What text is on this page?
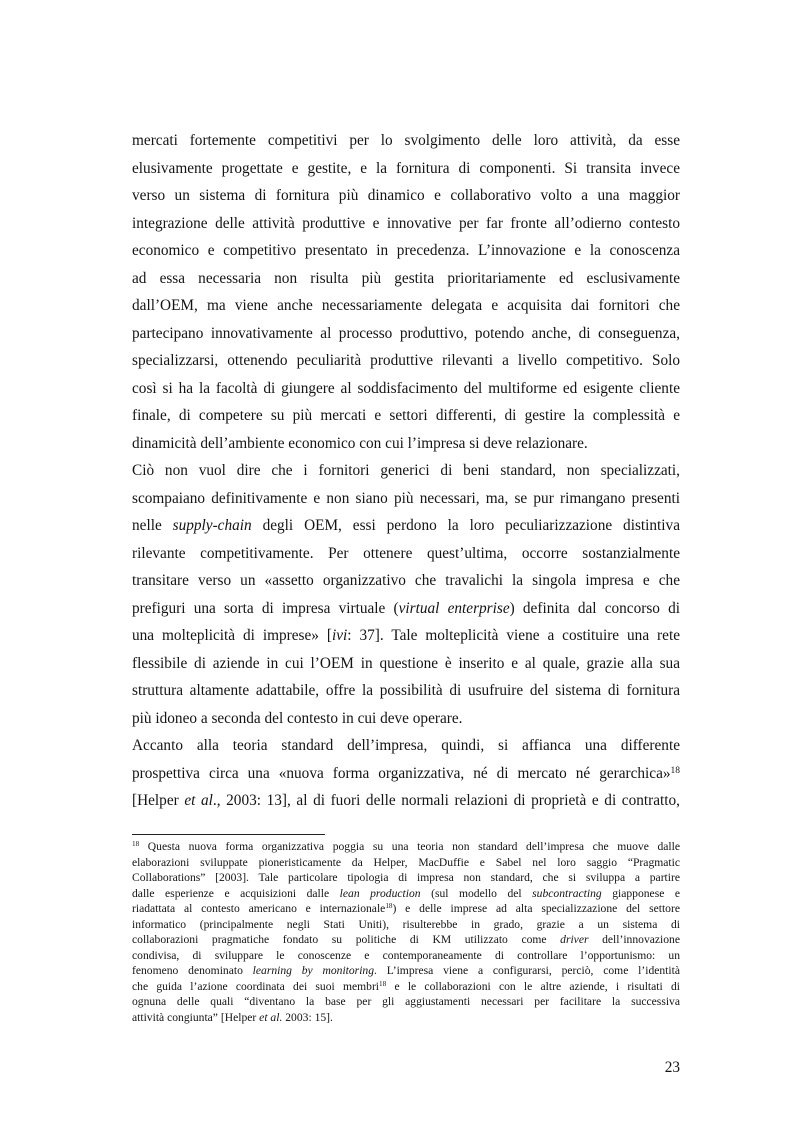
mercati fortemente competitivi per lo svolgimento delle loro attività, da esse
elusivamente progettate e gestite, e la fornitura di componenti. Si transita invece
verso un sistema di fornitura più dinamico e collaborativo volto a una maggior
integrazione delle attività produttive e innovative per far fronte all’odierno contesto
economico e competitivo presentato in precedenza. L’innovazione e la conoscenza
ad essa necessaria non risulta più gestita prioritariamente ed esclusivamente
dall’OEM, ma viene anche necessariamente delegata e acquisita dai fornitori che
partecipano innovativamente al processo produttivo, potendo anche, di conseguenza,
specializzarsi, ottenendo peculiarità produttive rilevanti a livello competitivo. Solo
così si ha la facoltà di giungere al soddisfacimento del multiforme ed esigente cliente
finale, di competere su più mercati e settori differenti, di gestire la complessità e
dinamicità dell’ambiente economico con cui l’impresa si deve relazionare.
Ciò non vuol dire che i fornitori generici di beni standard, non specializzati,
scompaiano definitivamente e non siano più necessari, ma, se pur rimangano presenti
nelle supply-chain degli OEM, essi perdono la loro peculiarizzazione distintiva
rilevante competitivamente. Per ottenere quest’ultima, occorre sostanzialmente
transitare verso un «assetto organizzativo che travalichi la singola impresa e che
prefiguri una sorta di impresa virtuale (virtual enterprise) definita dal concorso di
una molteplicità di imprese» [ivi: 37]. Tale molteplicità viene a costituire una rete
flessibile di aziende in cui l’OEM in questione è inserito e al quale, grazie alla sua
struttura altamente adattabile, offre la possibilità di usufruire del sistema di fornitura
più idoneo a seconda del contesto in cui deve operare.
Accanto alla teoria standard dell’impresa, quindi, si affianca una differente
prospettiva circa una «nuova forma organizzativa, né di mercato né gerarchica»$^{18}$
[Helper et al., 2003: 13], al di fuori delle normali relazioni di proprietà e di contratto,
$^{18}$ Questa nuova forma organizzativa poggia su una teoria non standard dell’impresa che muove dalle
elaborazioni sviluppate pioneristicamente da Helper, MacDuffie e Sabel nel loro saggio “Pragmatic
Collaborations” [2003]. Tale particolare tipologia di impresa non standard, che si sviluppa a partire
dalle esperienze e acquisizioni dalle lean production (sul modello del subcontracting giapponese e
riadattata al contesto americano e internazionale$^{18}$) e delle imprese ad alta specializzazione del settore
informatico (principalmente negli Stati Uniti), risulterebbe in grado, grazie a un sistema di
collaborazioni pragmatiche fondato su politiche di KM utilizzato come driver dell’innovazione
condivisa, di sviluppare le conoscenze e contemporaneamente di controllare l’opportunismo: un
fenomeno denominato learning by monitoring. L’impresa viene a configurarsi, perciò, come l’identità
che guida l’azione coordinata dei suoi membri$^{18}$ e le collaborazioni con le altre aziende, i risultati di
ognuna delle quali “diventano la base per gli aggiustamenti necessari per facilitare la successiva
attività congiunta” [Helper et al. 2003: 15].
23
